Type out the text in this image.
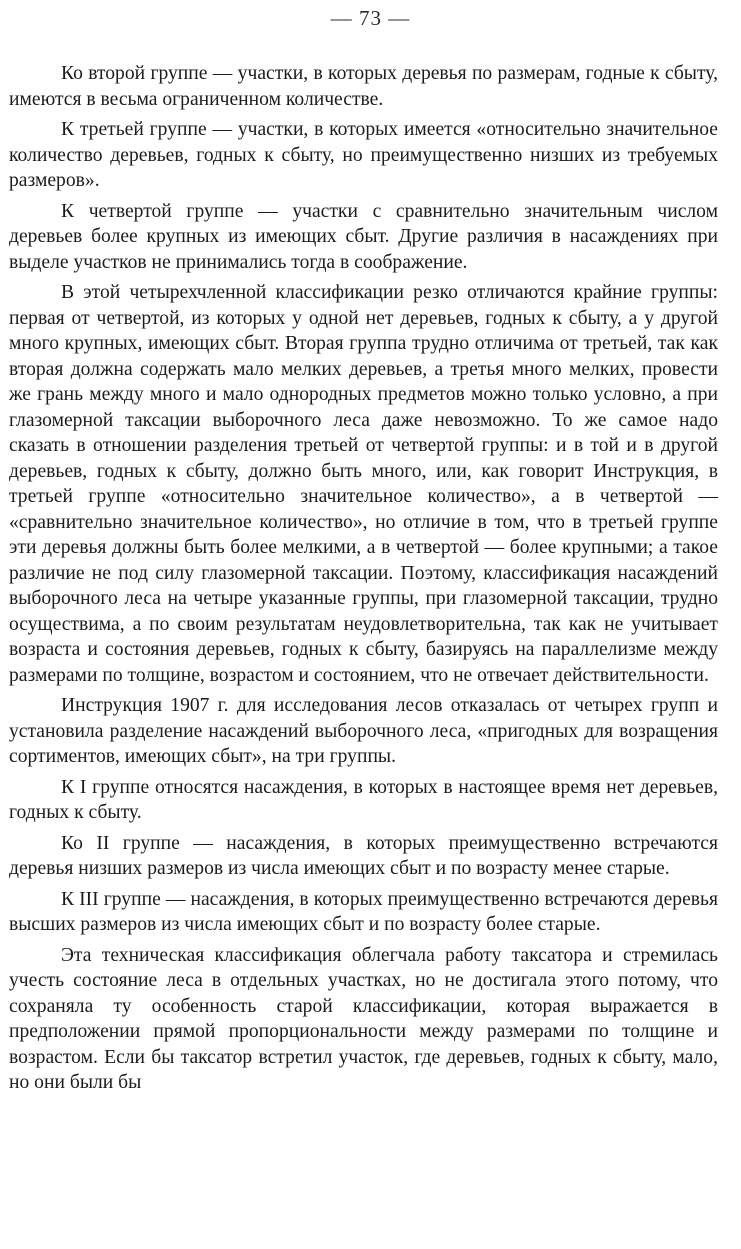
— 73 —

Ко второй группе — участки, в которых деревья по размерам, годные к сбыту, имеются в весьма ограниченном количестве.

К третьей группе — участки, в которых имеется «относительно значительное количество деревьев, годных к сбыту, но преимущественно низших из требуемых размеров».

К четвертой группе — участки с сравнительно значительным числом деревьев более крупных из имеющих сбыт. Другие различия в насаждениях при выделе участков не принимались тогда в соображение.

В этой четырехчленной классификации резко отличаются крайние группы: первая от четвертой, из которых у одной нет деревьев, годных к сбыту, а у другой много крупных, имеющих сбыт. Вторая группа трудно отличима от третьей, так как вторая должна содержать мало мелких деревьев, а третья много мелких, провести же грань между много и мало однородных предметов можно только условно, а при глазомерной таксации выборочного леса даже невозможно. То же самое надо сказать в отношении разделения третьей от четвертой группы: и в той и в другой деревьев, годных к сбыту, должно быть много, или, как говорит Инструкция, в третьей группе «относительно значительное количество», а в четвертой — «сравнительно значительное количество», но отличие в том, что в третьей группе эти деревья должны быть более мелкими, а в четвертой — более крупными; а такое различие не под силу глазомерной таксации. Поэтому, классификация насаждений выборочного леса на четыре указанные группы, при глазомерной таксации, трудно осуществима, а по своим результатам неудовлетворительна, так как не учитывает возраста и состояния деревьев, годных к сбыту, базируясь на параллелизме между размерами по толщине, возрастом и состоянием, что не отвечает действительности.

Инструкция 1907 г. для исследования лесов отказалась от четырех групп и установила разделение насаждений выборочного леса, «пригодных для возращения сортиментов, имеющих сбыт», на три группы.

К I группе относятся насаждения, в которых в настоящее время нет деревьев, годных к сбыту.

Ко II группе — насаждения, в которых преимущественно встречаются деревья низших размеров из числа имеющих сбыт и по возрасту менее старые.

К III группе — насаждения, в которых преимущественно встречаются деревья высших размеров из числа имеющих сбыт и по возрасту более старые.

Эта техническая классификация облегчала работу таксатора и стремилась учесть состояние леса в отдельных участках, но не достигала этого потому, что сохраняла ту особенность старой классификации, которая выражается в предположении прямой пропорциональности между размерами по толщине и возрастом. Если бы таксатор встретил участок, где деревьев, годных к сбыту, мало, но они были бы
